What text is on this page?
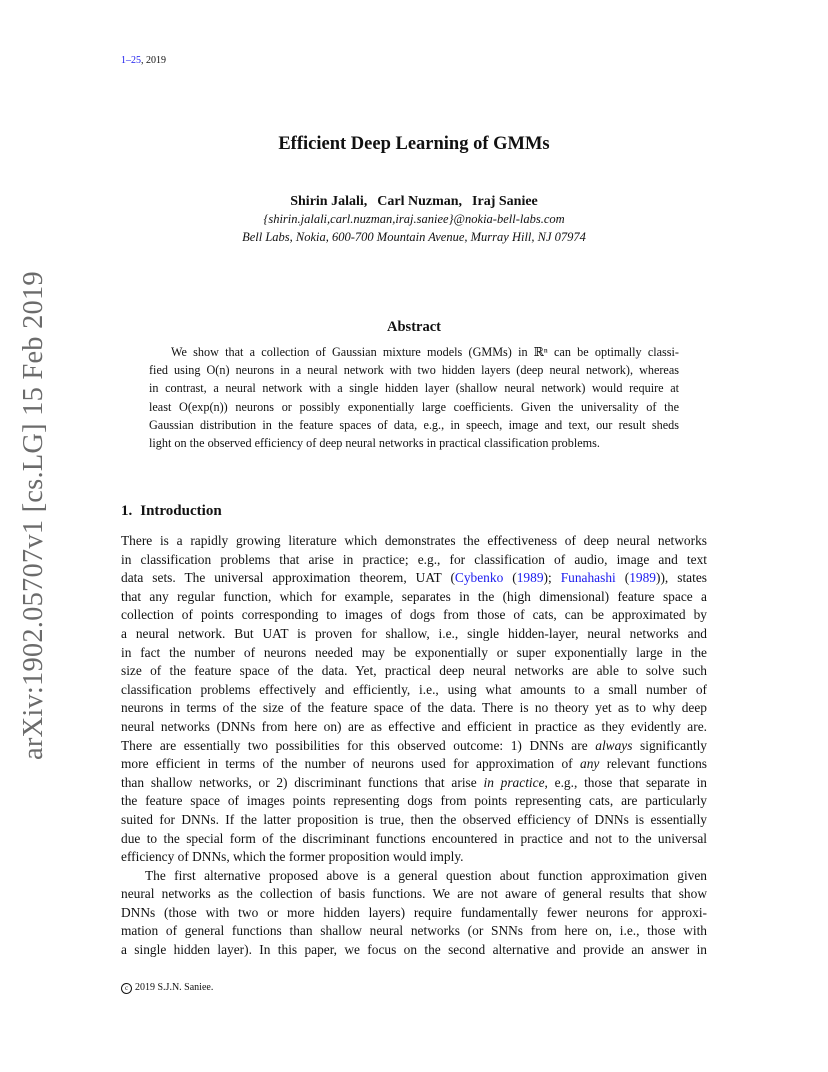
1–25, 2019
arXiv:1902.05707v1 [cs.LG] 15 Feb 2019
Efficient Deep Learning of GMMs
Shirin Jalali, Carl Nuzman, Iraj Saniee
{shirin.jalali,carl.nuzman,iraj.saniee}@nokia-bell-labs.com
Bell Labs, Nokia, 600-700 Mountain Avenue, Murray Hill, NJ 07974
Abstract
We show that a collection of Gaussian mixture models (GMMs) in ℝⁿ can be optimally classi-
fied using O(n) neurons in a neural network with two hidden layers (deep neural network), whereas
in contrast, a neural network with a single hidden layer (shallow neural network) would require at
least O(exp(n)) neurons or possibly exponentially large coefficients. Given the universality of the
Gaussian distribution in the feature spaces of data, e.g., in speech, image and text, our result sheds
light on the observed efficiency of deep neural networks in practical classification problems.
1. Introduction
There is a rapidly growing literature which demonstrates the effectiveness of deep neural networks
in classification problems that arise in practice; e.g., for classification of audio, image and text
data sets. The universal approximation theorem, UAT (Cybenko (1989); Funahashi (1989)), states
that any regular function, which for example, separates in the (high dimensional) feature space a
collection of points corresponding to images of dogs from those of cats, can be approximated by
a neural network. But UAT is proven for shallow, i.e., single hidden-layer, neural networks and
in fact the number of neurons needed may be exponentially or super exponentially large in the
size of the feature space of the data. Yet, practical deep neural networks are able to solve such
classification problems effectively and efficiently, i.e., using what amounts to a small number of
neurons in terms of the size of the feature space of the data. There is no theory yet as to why deep
neural networks (DNNs from here on) are as effective and efficient in practice as they evidently are.
There are essentially two possibilities for this observed outcome: 1) DNNs are always significantly
more efficient in terms of the number of neurons used for approximation of any relevant functions
than shallow networks, or 2) discriminant functions that arise in practice, e.g., those that separate in
the feature space of images points representing dogs from points representing cats, are particularly
suited for DNNs. If the latter proposition is true, then the observed efficiency of DNNs is essentially
due to the special form of the discriminant functions encountered in practice and not to the universal
efficiency of DNNs, which the former proposition would imply.
The first alternative proposed above is a general question about function approximation given
neural networks as the collection of basis functions. We are not aware of general results that show
DNNs (those with two or more hidden layers) require fundamentally fewer neurons for approxi-
mation of general functions than shallow neural networks (or SNNs from here on, i.e., those with
a single hidden layer). In this paper, we focus on the second alternative and provide an answer in
c 2019 S.J.N. Saniee.
